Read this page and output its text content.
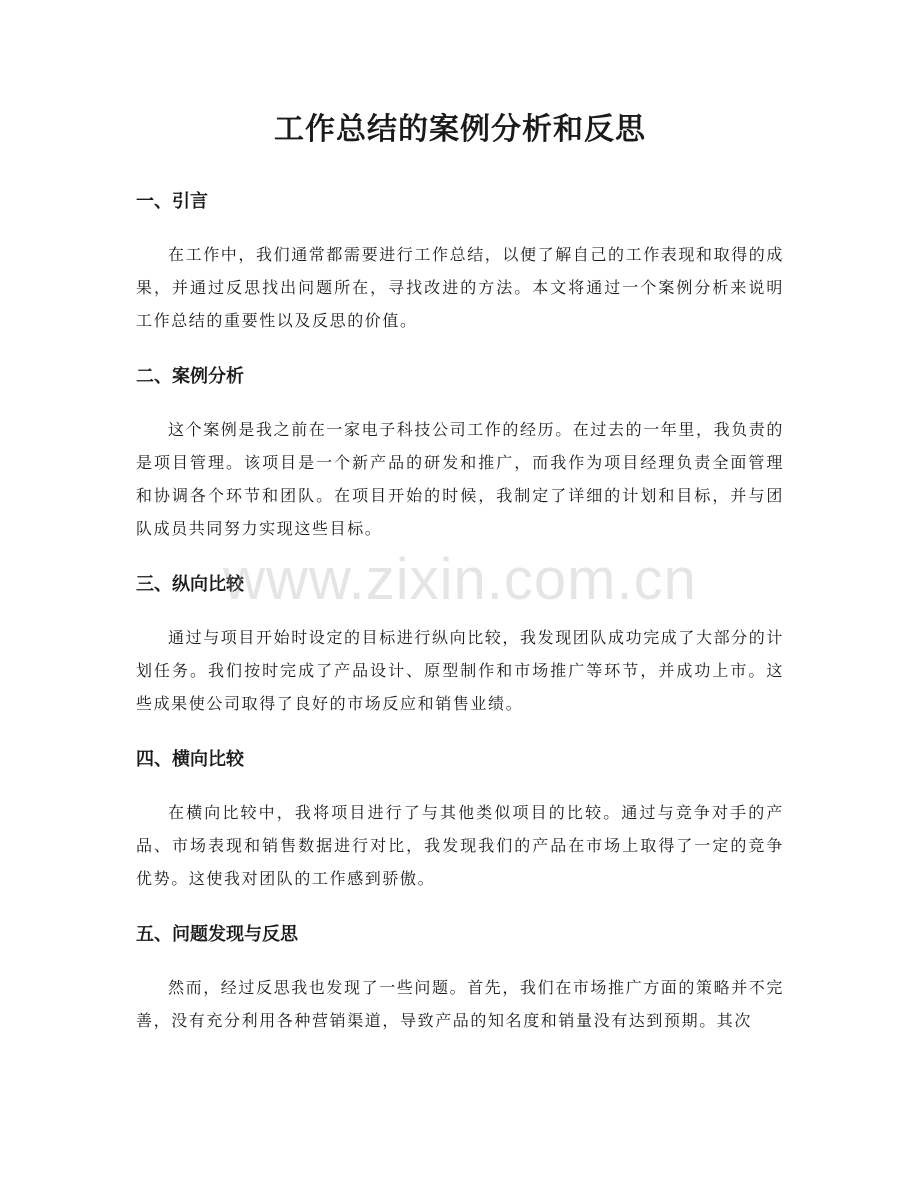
工作总结的案例分析和反思
一、引言

在工作中，我们通常都需要进行工作总结，以便了解自己的工作表现和取得的成果，并通过反思找出问题所在，寻找改进的方法。本文将通过一个案例分析来说明工作总结的重要性以及反思的价值。

二、案例分析

这个案例是我之前在一家电子科技公司工作的经历。在过去的一年里，我负责的是项目管理。该项目是一个新产品的研发和推广，而我作为项目经理负责全面管理和协调各个环节和团队。在项目开始的时候，我制定了详细的计划和目标，并与团队成员共同努力实现这些目标。

三、纵向比较

通过与项目开始时设定的目标进行纵向比较，我发现团队成功完成了大部分的计划任务。我们按时完成了产品设计、原型制作和市场推广等环节，并成功上市。这些成果使公司取得了良好的市场反应和销售业绩。

四、横向比较

在横向比较中，我将项目进行了与其他类似项目的比较。通过与竞争对手的产品、市场表现和销售数据进行对比，我发现我们的产品在市场上取得了一定的竞争优势。这使我对团队的工作感到骄傲。

五、问题发现与反思

然而，经过反思我也发现了一些问题。首先，我们在市场推广方面的策略并不完善，没有充分利用各种营销渠道，导致产品的知名度和销量没有达到预期。其次

www.zixin.com.cn
